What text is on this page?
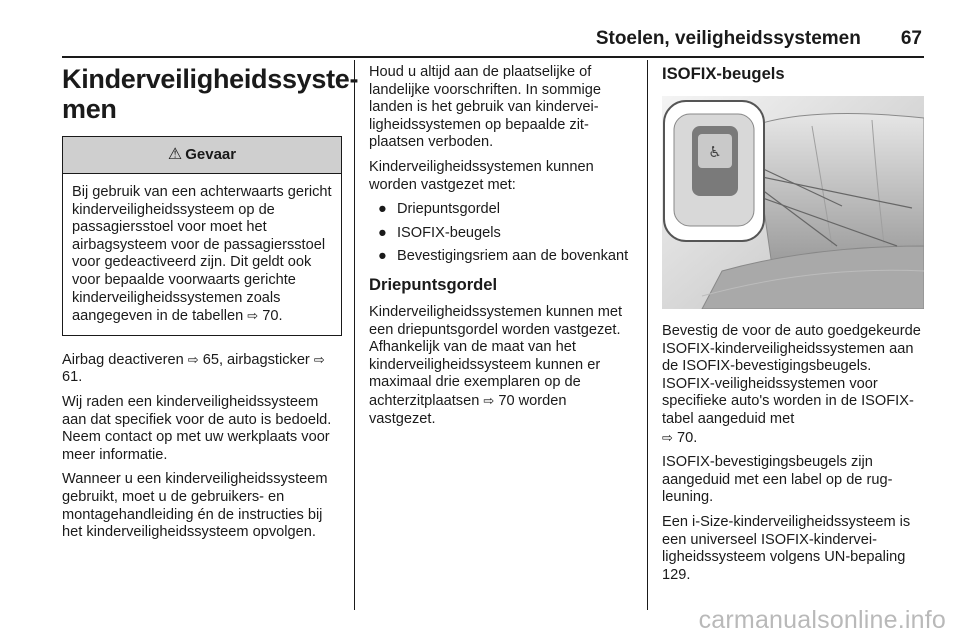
Stoelen, veiligheidssystemen 67
Kinderveiligheidssyste-
men
⚠ Gevaar
Bij gebruik van een achterwaarts gericht kinderveiligheidssysteem op de passagiersstoel voor moet het airbagsysteem voor de passagiersstoel voor gedeactiveerd zijn. Dit geldt ook voor bepaalde voorwaarts gerichte kinderveiligheidssystemen zoals aangegeven in de tabellen ⇨ 70.

Airbag deactiveren ⇨ 65, airbagsticker ⇨ 61.

Wij raden een kinderveiligheidssysteem aan dat specifiek voor de auto is bedoeld. Neem contact op met uw werkplaats voor meer informatie.

Wanneer u een kinderveiligheidssysteem gebruikt, moet u de gebruikers- en montagehandleiding én de instructies bij het kinderveiligheidssysteem opvolgen.

Houd u altijd aan de plaatselijke of landelijke voorschriften. In sommige landen is het gebruik van kinderveiligheidssystemen op bepaalde zitplaatsen verboden.

Kinderveiligheidssystemen kunnen worden vastgezet met:

● Driepuntsgordel
● ISOFIX-beugels
● Bevestigingsriem aan de bovenkant
Driepuntsgordel

Kinderveiligheidssystemen kunnen met een driepuntsgordel worden vastgezet. Afhankelijk van de maat van het kinderveiligheidssysteem kunnen er maximaal drie exemplaren op de achterzitplaatsen ⇨ 70 worden vastgezet.

ISOFIX-beugels
♿

Bevestig de voor de auto goedgekeurde ISOFIX-kinderveiligheidssystemen aan de ISOFIX-bevestigingsbeugels. ISOFIX-veiligheidssystemen voor specifieke auto's worden in de ISOFIX-tabel aangeduid met
⇨ 70.

ISOFIX-bevestigingsbeugels zijn aangeduid met een label op de rugleuning.

Een i-Size-kinderveiligheidssysteem is een universeel ISOFIX-kinderveiligheidssysteem volgens UN-bepaling 129.

carmanualsonline.info
